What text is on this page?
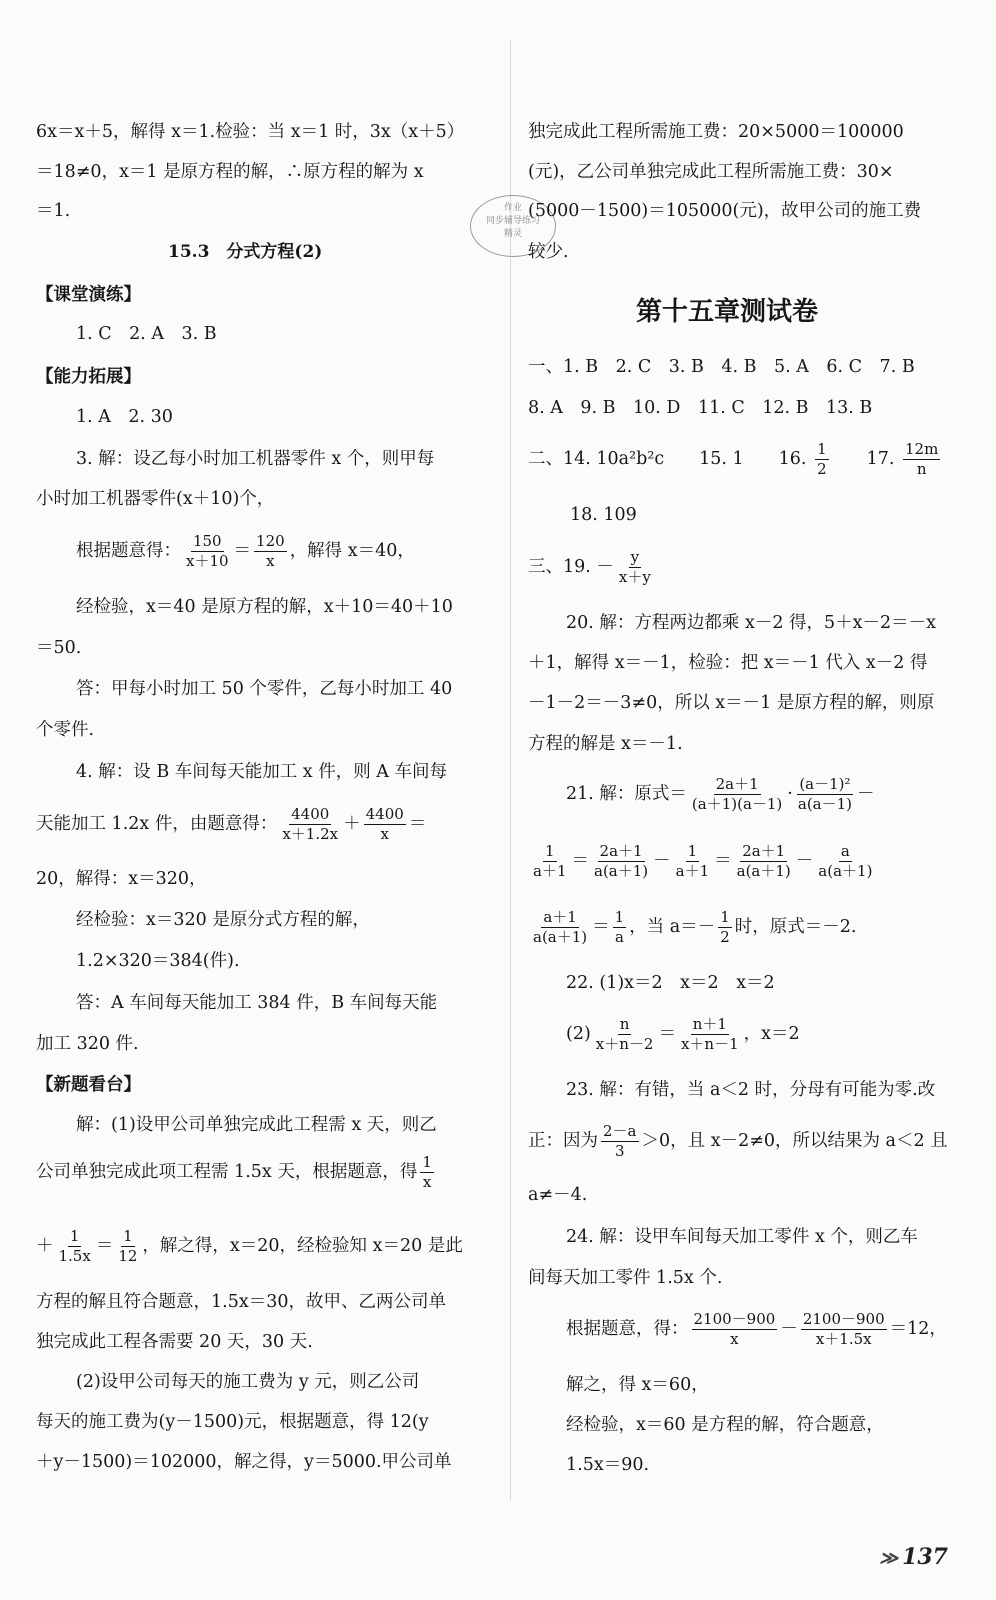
6x＝x＋5，解得 x＝1.检验：当 x＝1 时，3x（x＋5）
＝18≠0，x＝1 是原方程的解，∴原方程的解为 x
＝1.
15.3　分式方程(2)
【课堂演练】
1. C　2. A　3. B
【能力拓展】
1. A　2. 30
3. 解：设乙每小时加工机器零件 x 个，则甲每
小时加工机器零件(x＋10)个，
根据题意得： $\frac{150}{x+10} = \frac{120}{x}$ ，解得 x＝40，
经检验，x＝40 是原方程的解，x＋10＝40＋10
＝50.
答：甲每小时加工 50 个零件，乙每小时加工 40
个零件.
4. 解：设 B 车间每天能加工 x 件，则 A 车间每
天能加工 1.2x 件，由题意得： $\frac{4400}{x+1.2x} + \frac{4400}{x}$ ＝
20，解得：x＝320，
经检验：x＝320 是原分式方程的解，
1.2×320＝384(件).
答：A 车间每天能加工 384 件，B 车间每天能
加工 320 件.
【新题看台】
解：(1)设甲公司单独完成此工程需 x 天，则乙
公司单独完成此项工程需 1.5x 天，根据题意，得 $\frac{1}{x}$
＋ $\frac{1}{1.5x} = \frac{1}{12}$ ，解之得，x＝20，经检验知 x＝20 是此
方程的解且符合题意，1.5x＝30，故甲、乙两公司单
独完成此工程各需要 20 天，30 天.
(2)设甲公司每天的施工费为 y 元，则乙公司
每天的施工费为(y－1500)元，根据题意，得 12(y
＋y－1500)＝102000，解之得，y＝5000.甲公司单
作业
同步辅导练习
精灵
独完成此工程所需施工费：20×5000＝100000
(元)，乙公司单独完成此工程所需施工费：30×
(5000－1500)＝105000(元)，故甲公司的施工费
较少.
第十五章测试卷
一、1. B　2. C　3. B　4. B　5. A　6. C　7. B
8. A　9. B　10. D　11. C　12. B　13. B
二、14. 10a²b²c　　15. 1　　16. $\frac{1}{2}$ 　　17. $\frac{12m}{n}$
18. 109
三、19. － $\frac{y}{x+y}$
20. 解：方程两边都乘 x－2 得，5＋x－2＝－x
＋1，解得 x＝－1，检验：把 x＝－1 代入 x－2 得
－1－2＝－3≠0，所以 x＝－1 是原方程的解，则原
方程的解是 x＝－1.
21. 解：原式＝ $\frac{2a+1}{(a+1)(a-1)} \cdot \frac{\text{(a－1)²}}{a(a-1)}$ －
$\frac{1}{a+1} = \frac{2a+1}{a(a+1)} - \frac{1}{a+1} = \frac{2a+1}{a(a+1)} - \frac{a}{a(a+1)}$
$\frac{a+1}{a(a+1)} = \frac{1}{a}$ ，当 $a=- \frac{1}{2}$ 时，原式＝－2.
22. (1)x＝2　x＝2　x＝2
$(2) \frac{n}{x+n-2} = \frac{n+1}{x+n-1}$ ，x＝2
23. 解：有错，当 a＜2 时，分母有可能为零.改
正：因为 $\frac{2-a}{3} >0$，且 x－2≠0，所以结果为 a＜2 且
a≠－4.
24. 解：设甲车间每天加工零件 x 个，则乙车
间每天加工零件 1.5x 个.
根据题意，得： $\frac{2100-900}{x} - \frac{2100-900}{x+1.5x} =12$，
解之，得 x＝60，
经检验，x＝60 是方程的解，符合题意，
1.5x＝90.
≫ 137
